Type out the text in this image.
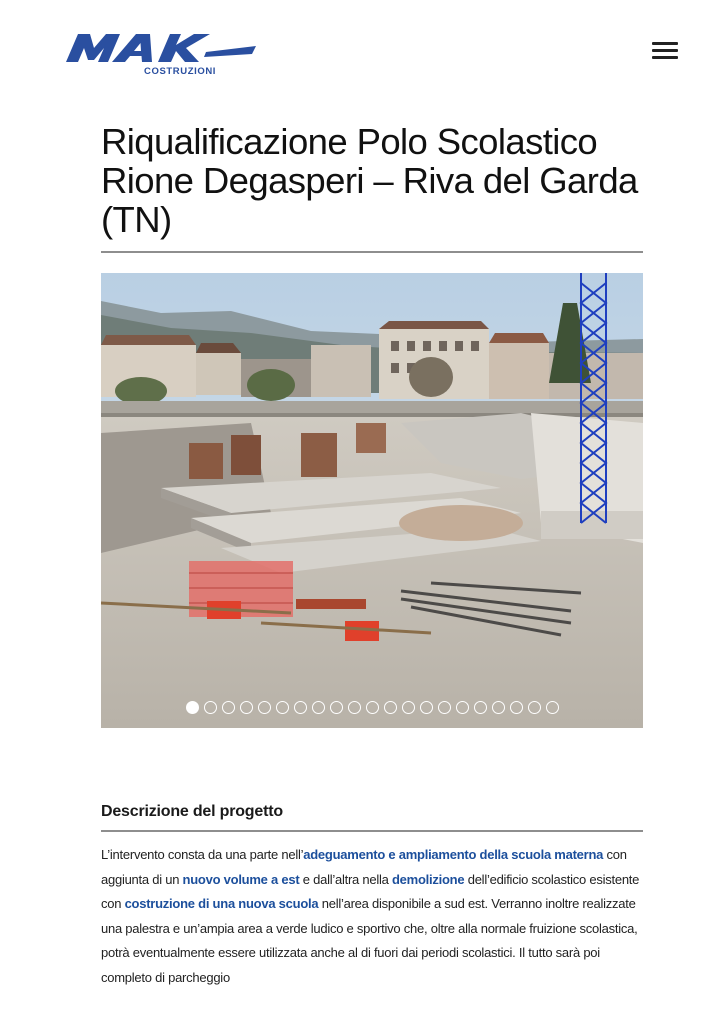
COSTRUZIONI
Riqualificazione Polo Scolastico Rione Degasperi – Riva del Garda (TN)
Descrizione del progetto

L’intervento consta da una parte nell’adeguamento e ampliamento della scuola materna con aggiunta di un nuovo volume a est e dall’altra nella demolizione dell’edificio scolastico esistente con costruzione di una nuova scuola nell’area disponibile a sud est. Verranno inoltre realizzate una palestra e un’ampia area a verde ludico e sportivo che, oltre alla normale fruizione scolastica, potrà eventualmente essere utilizzata anche al di fuori dai periodi scolastici. Il tutto sarà poi completo di parcheggio
